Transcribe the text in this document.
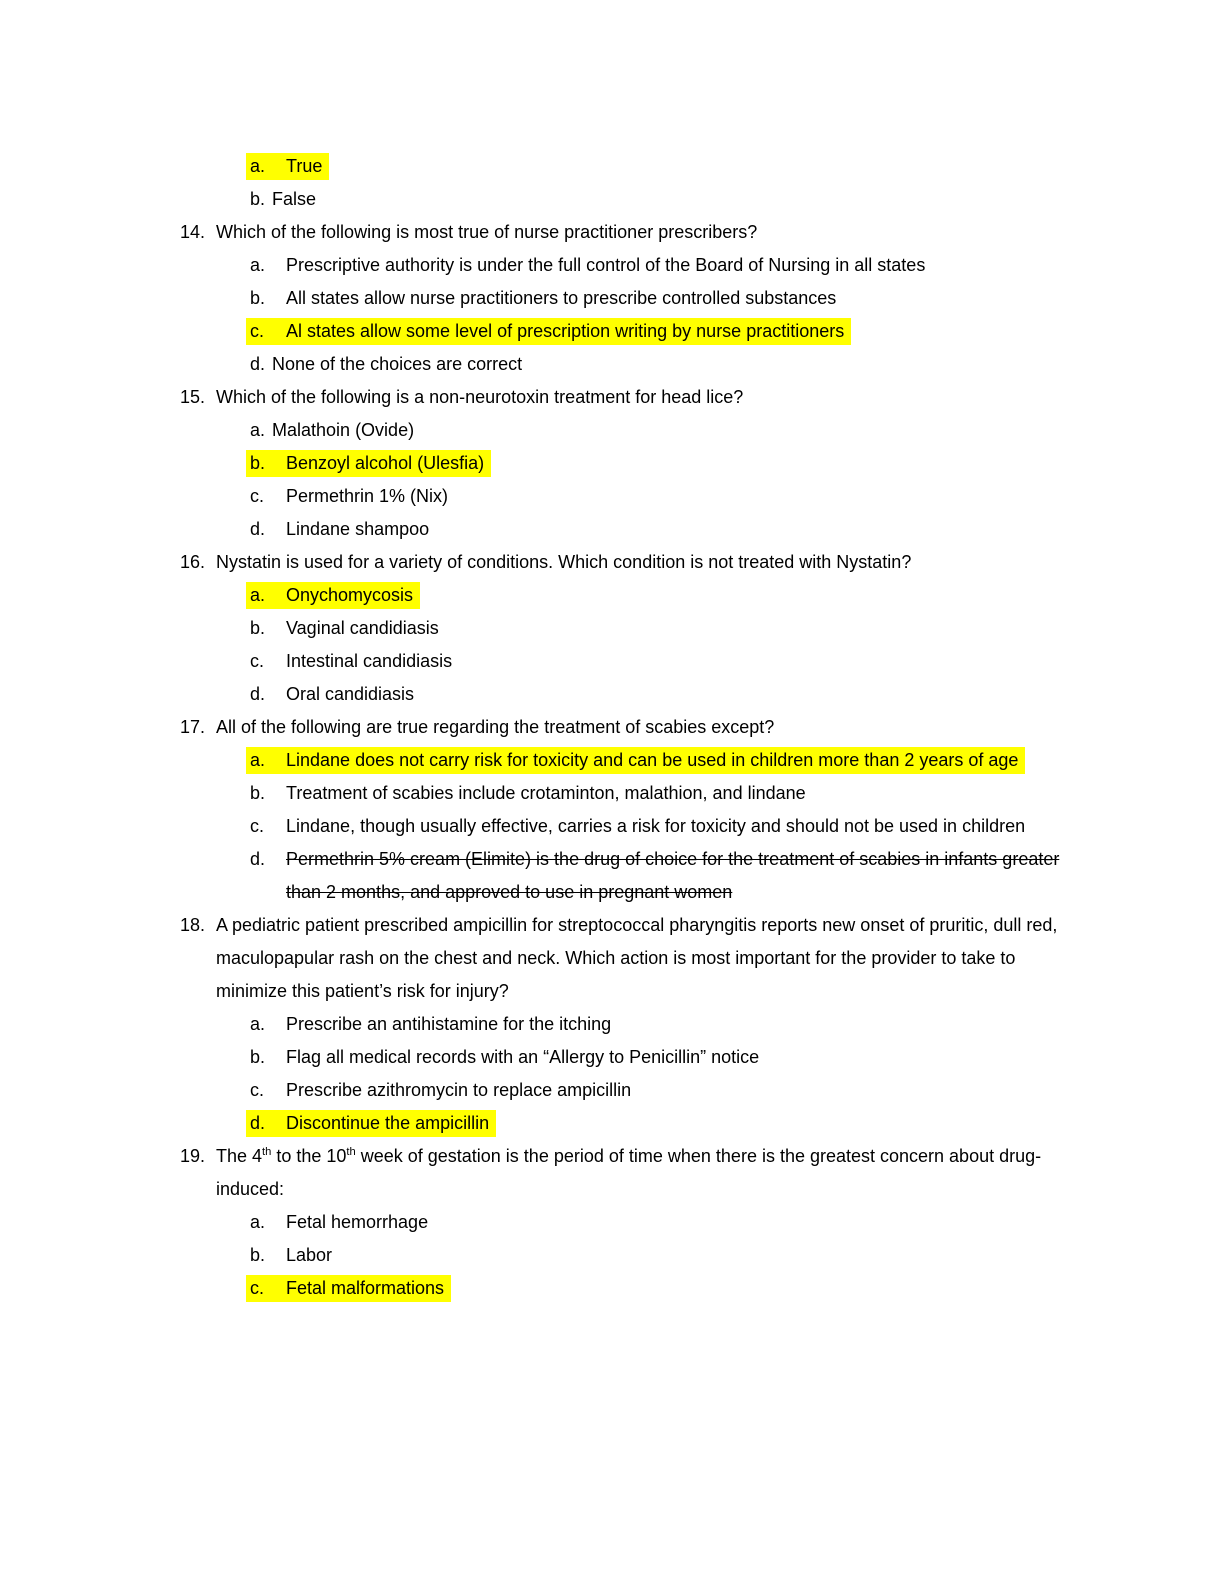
a. True
b. False
14. Which of the following is most true of nurse practitioner prescribers?
a. Prescriptive authority is under the full control of the Board of Nursing in all states
b. All states allow nurse practitioners to prescribe controlled substances
c. Al states allow some level of prescription writing by nurse practitioners
d. None of the choices are correct
15. Which of the following is a non-neurotoxin treatment for head lice?
a. Malathoin (Ovide)
b. Benzoyl alcohol (Ulesfia)
c. Permethrin 1% (Nix)
d. Lindane shampoo
16. Nystatin is used for a variety of conditions. Which condition is not treated with Nystatin?
a. Onychomycosis
b. Vaginal candidiasis
c. Intestinal candidiasis
d. Oral candidiasis
17. All of the following are true regarding the treatment of scabies except?
a. Lindane does not carry risk for toxicity and can be used in children more than 2 years of age
b. Treatment of scabies include crotaminton, malathion, and lindane
c. Lindane, though usually effective, carries a risk for toxicity and should not be used in children
d. Permethrin 5% cream (Elimite) is the drug of choice for the treatment of scabies in infants greater than 2 months, and approved to use in pregnant women
18. A pediatric patient prescribed ampicillin for streptococcal pharyngitis reports new onset of pruritic, dull red, maculopapular rash on the chest and neck. Which action is most important for the provider to take to minimize this patient’s risk for injury?
a. Prescribe an antihistamine for the itching
b. Flag all medical records with an “Allergy to Penicillin” notice
c. Prescribe azithromycin to replace ampicillin
d. Discontinue the ampicillin
19. The 4th to the 10th week of gestation is the period of time when there is the greatest concern about drug-induced:
a. Fetal hemorrhage
b. Labor
c. Fetal malformations
